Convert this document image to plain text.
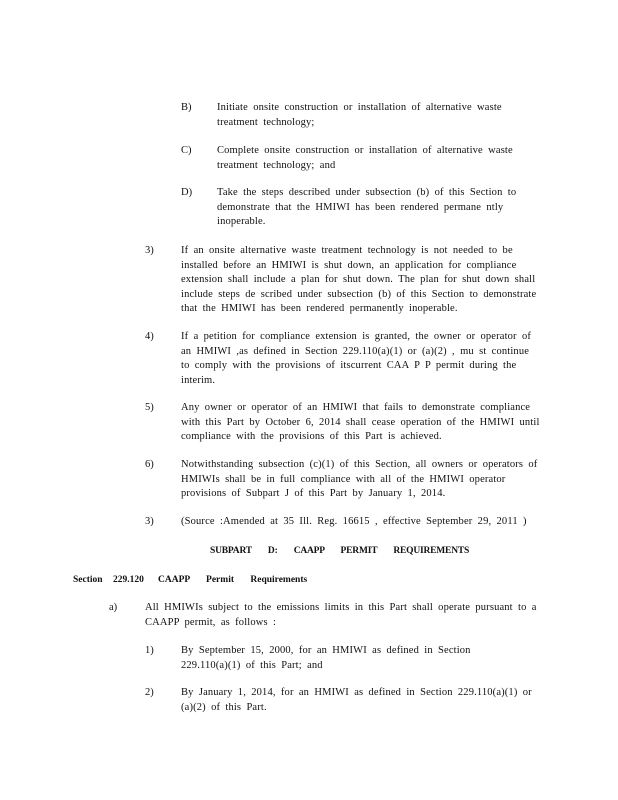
B) Initiate onsite construction or installation of alternative waste treatment technology;
C) Complete onsite construction or installation of alternative waste treatment technology; and
D) Take the steps described under subsection (b) of this Section to demonstrate that the HMIWI has been rendered permane ntly inoperable.
3)	If an onsite alternative waste treatment technology is not needed to be installed before an HMIWI is shut down, an application for compliance extension shall include a plan for shut down. The plan for shut down shall include steps de scribed under subsection (b) of this Section to demonstrate that the HMIWI has been rendered permanently inoperable.
4)	If a petition for compliance extension is granted, the owner or operator of an HMIWI ,as defined in Section 229.110(a)(1) or (a)(2) , mu st continue to comply with the provisions of itscurrent CAA P P permit during the interim.
5)	Any owner or operator of an HMIWI that fails to demonstrate compliance with this Part by October 6, 2014 shall cease operation of the HMIWI until compliance with the provisions of this Part is achieved.
6)	Notwithstanding subsection (c)(1) of this Section, all owners or operators of HMIWIs shall be in full compliance with all of the HMIWI operator provisions of Subpart J of this Part by January 1, 2014.
3)	(Source :Amended at 35 Ill. Reg. 16615 , effective September 29, 2011 )
SUBPART D: CAAPP PERMIT REQUIREMENTS
Section 229.120 CAAPP Permit Requirements
a)	All HMIWIs subject to the emissions limits in this Part shall operate pursuant to a CAAPP permit, as follows :
1)	By September 15, 2000, for an HMIWI as defined in Section 229.110(a)(1) of this Part; and
2)	By January 1, 2014, for an HMIWI as defined in Section 229.110(a)(1) or (a)(2) of this Part.
